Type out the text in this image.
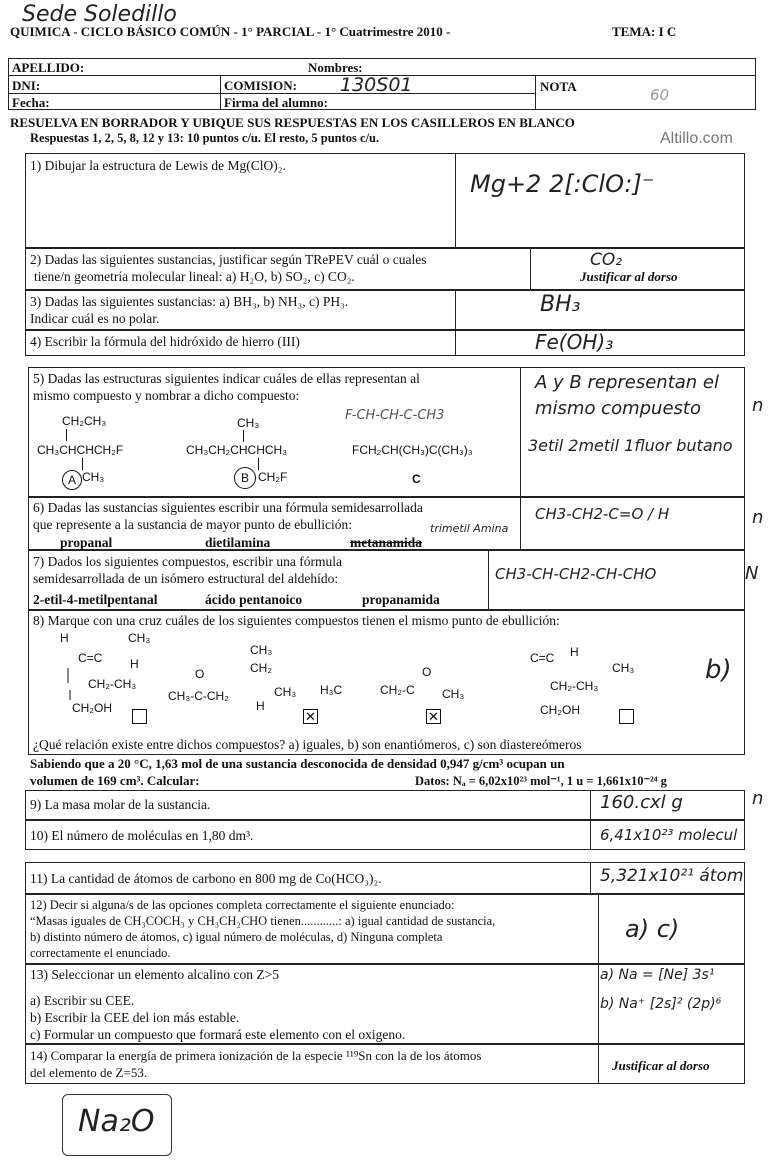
Sede Soledillo
QUIMICA - CICLO BÁSICO COMÚN - 1° PARCIAL - 1° Cuatrimestre 2010 -	TEMA: I C
APELLIDO:	Nombres:
DNI:	COMISION: 130S01	NOTA	60
Fecha:	Firma del alumno:
RESUELVA EN BORRADOR Y UBIQUE SUS RESPUESTAS EN LOS CASILLEROS EN BLANCO
Respuestas 1, 2, 5, 8, 12 y 13: 10 puntos c/u. El resto, 5 puntos c/u.	Altillo.com
1) Dibujar la estructura de Lewis de Mg(ClO)₂.
Mg+2 2[:ClO:]⁻
2) Dadas las siguientes sustancias, justificar según TRePEV cuál o cuales
tiene/n geometría molecular lineal: a) H₂O, b) SO₂, c) CO₂.
CO₂
Justificar al dorso
3) Dadas las siguientes sustancias: a) BH₃, b) NH₃, c) PH₃.
Indicar cuál es no polar.
BH₃
4) Escribir la fórmula del hidróxido de hierro (III)	Fe(OH)₃
5) Dadas las estructuras siguientes indicar cuáles de ellas representan al
mismo compuesto y nombrar a dicho compuesto:
CH₂CH₃
CH₃CHCHCH₂F
CH₃
A
CH₃
CH₃CH₂CHCHCH₃
CH₂F
B
F-CH-CH-C-CH3
FCH₂CH(CH₃)C(CH₃)₃
C
A y B representan el
mismo compuesto
3etil 2metil 1fluor butano
n
6) Dadas las sustancias siguientes escribir una fórmula semidesarrollada
que represente a la sustancia de mayor punto de ebullición:
propanal	dietilamina	metanamida
trimetil Amina
CH3-CH2-C=O / H	n
7) Dados los siguientes compuestos, escribir una fórmula
semidesarrollada de un isómero estructural del aldehído:
2-etil-4-metilpentanal	ácido pentanoico	propanamida
CH3-CH-CH2-CH-CHO	N
8) Marque con una cruz cuáles de los siguientes compuestos tienen el mismo punto de ebullición:
H	CH₃
C=C H
CH₂-CH₃
CH₂OH
CH₃
CH₂
O
CH₃-C-CH₂
H
CH₃ H₃C	CH₂-C
O
CH₃
C=C H
CH₃
CH₂-CH₃
CH₂OH
✕	✕
¿Qué relación existe entre dichos compuestos? a) iguales, b) son enantiómeros, c) son diastereómeros
b)
Sabiendo que a 20 °C, 1,63 mol de una sustancia desconocida de densidad 0,947 g/cm³ ocupan un
volumen de 169 cm³. Calcular:	Datos: Nₐ = 6,02x10²³ mol⁻¹, 1 u = 1,661x10⁻²⁴ g
9) La masa molar de la sustancia.	160.cxl g	n
10) El número de moléculas en 1,80 dm³.	6,41x10²³ molecul
11) La cantidad de átomos de carbono en 800 mg de Co(HCO₃)₂.	5,321x10²¹ átom
12) Decir si alguna/s de las opciones completa correctamente el siguiente enunciado:
“Masas iguales de CH₃COCH₃ y CH₃CH₂CHO tienen............: a) igual cantidad de sustancia,
b) distinto número de átomos, c) igual número de moléculas, d) Ninguna completa
correctamente el enunciado.
a) c)
13) Seleccionar un elemento alcalino con Z>5
a) Escribir su CEE.
b) Escribir la CEE del ion más estable.
c) Formular un compuesto que formará este elemento con el oxigeno.
a) Na = [Ne] 3s¹
b) Na⁺ [2s]² (2p)⁶
14) Comparar la energía de primera ionización de la especie ¹¹⁹Sn con la de los átomos
del elemento de Z=53.	Justificar al dorso
Na₂O
